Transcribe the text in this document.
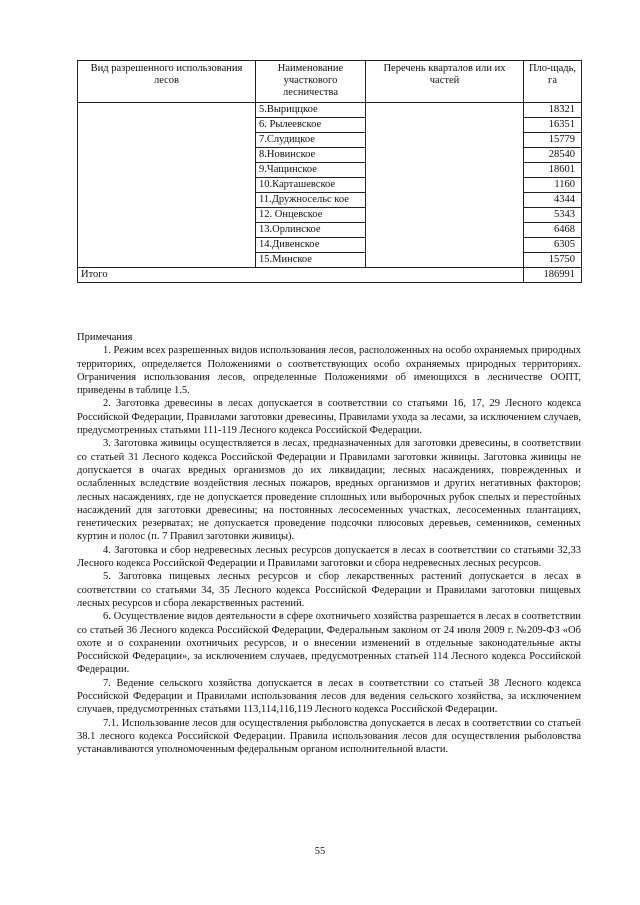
Вид разрешенного использования лесов	Наименование участкового лесничества	Перечень кварталов или их частей	Пло-щадь, га
	5.Выриццкое		18321
	6. Рылеевское		16351
	7.Слудицкое		15779
	8.Новинское		28540
	9.Чащинское		18601
	10.Карташевское		1160
	11.Дружносельс кое		4344
	12. Онцевское		5343
	13.Орлинское		6468
	14.Дивенское		6305
	15.Минское		15750
Итого			186991

Примечания

1. Режим всех разрешенных видов использования лесов, расположенных на особо охраняемых природных территориях, определяется Положениями о соответствующих особо охраняемых природных территориях. Ограничения использования лесов, определенные Положениями об имеющихся в лесничестве ООПТ, приведены в таблице 1.5.

2. Заготовка древесины в лесах допускается в соответствии со статьями 16, 17, 29 Лесного кодекса Российской Федерации, Правилами заготовки древесины, Правилами ухода за лесами, за исключением случаев, предусмотренных статьями 111-119 Лесного кодекса Российской Федерации.

3. Заготовка живицы осуществляется в лесах, предназначенных для заготовки древесины, в соответствии со статьей 31 Лесного кодекса Российской Федерации и Правилами заготовки живицы. Заготовка живицы не допускается в очагах вредных организмов до их ликвидации; лесных насаждениях, поврежденных и ослабленных вследствие воздействия лесных пожаров, вредных организмов и других негативных факторов; лесных насаждениях, где не допускается проведение сплошных или выборочных рубок спелых и перестойных насаждений для заготовки древесины; на постоянных лесосеменных участках, лесосеменных плантациях, генетических резерватах; не допускается проведение подсочки плюсовых деревьев, семенников, семенных куртин и полос (п. 7 Правил заготовки живицы).

4. Заготовка и сбор недревесных лесных ресурсов допускается в лесах в соответствии со статьями 32,33 Лесного кодекса Российской Федерации и Правилами заготовки и сбора недревесных лесных ресурсов.

5. Заготовка пищевых лесных ресурсов и сбор лекарственных растений допускается в лесах в соответствии со статьями 34, 35 Лесного кодекса Российской Федерации и Правилами заготовки пищевых лесных ресурсов и сбора лекарственных растений.

6. Осуществление видов деятельности в сфере охотничьего хозяйства разрешается в лесах в соответствии со статьей 36 Лесного кодекса Российской Федерации, Федеральным законом от 24 июля 2009 г. №209-ФЗ «Об охоте и о сохранении охотничьих ресурсов, и о внесении изменений в отдельные законодательные акты Российской Федерации», за исключением случаев, предусмотренных статьей 114 Лесного кодекса Российской Федерации.

7. Ведение сельского хозяйства допускается в лесах в соответствии со статьей 38 Лесного кодекса Российской Федерации и Правилами использования лесов для ведения сельского хозяйства, за исключением случаев, предусмотренных статьями 113,114,116,119 Лесного кодекса Российской Федерации.

7.1. Использование лесов для осуществления рыболовства допускается в лесах в соответствии со статьей 38.1 лесного кодекса Российской Федерации. Правила использования лесов для осуществления рыболовства устанавливаются уполномоченным федеральным органом исполнительной власти.

55
